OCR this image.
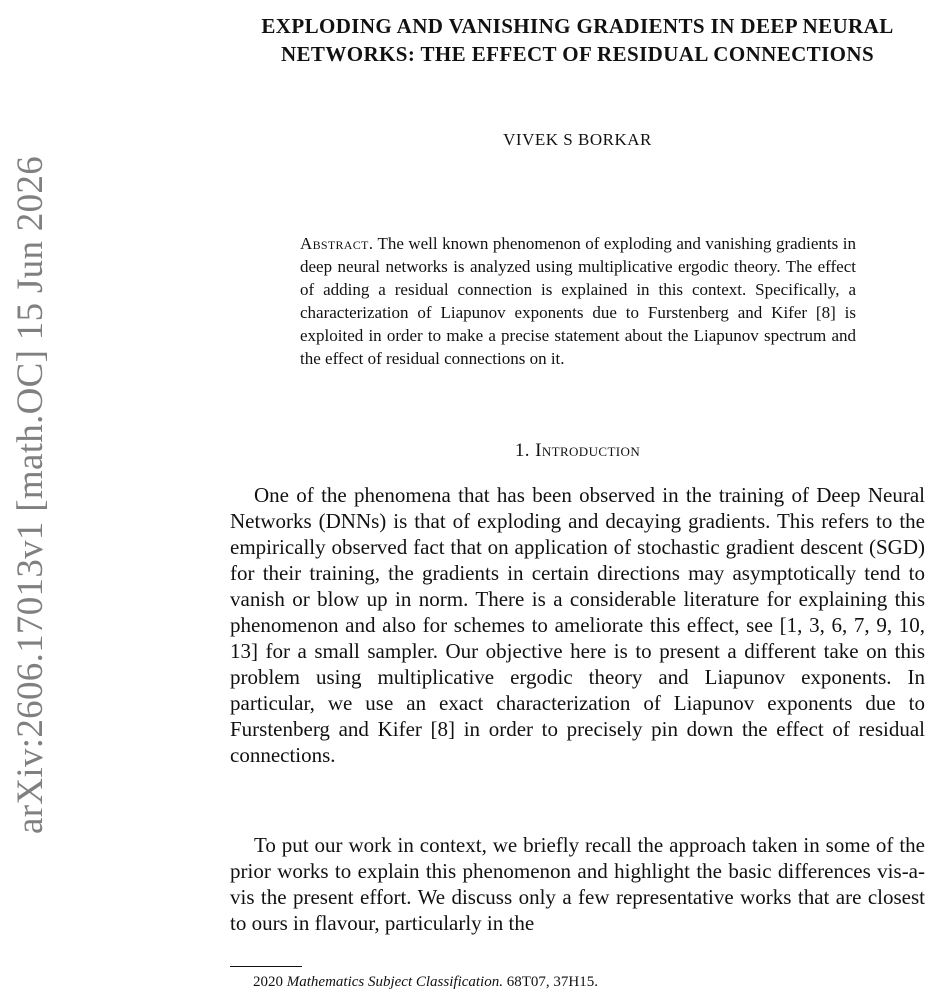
arXiv:2606.17013v1 [math.OC] 15 Jun 2026
EXPLODING AND VANISHING GRADIENTS IN DEEP NEURAL NETWORKS: THE EFFECT OF RESIDUAL CONNECTIONS
VIVEK S BORKAR
Abstract. The well known phenomenon of exploding and vanishing gradients in deep neural networks is analyzed using multiplicative ergodic theory. The effect of adding a residual connection is explained in this context. Specifically, a characterization of Liapunov exponents due to Furstenberg and Kifer [8] is exploited in order to make a precise statement about the Liapunov spectrum and the effect of residual connections on it.
1. Introduction

One of the phenomena that has been observed in the training of Deep Neural Networks (DNNs) is that of exploding and decaying gradients. This refers to the empirically observed fact that on application of stochastic gradient descent (SGD) for their training, the gradients in certain directions may asymptotically tend to vanish or blow up in norm. There is a considerable literature for explaining this phenomenon and also for schemes to ameliorate this effect, see [1, 3, 6, 7, 9, 10, 13] for a small sampler. Our objective here is to present a different take on this problem using multiplicative ergodic theory and Liapunov exponents. In particular, we use an exact characterization of Liapunov exponents due to Furstenberg and Kifer [8] in order to precisely pin down the effect of residual connections.

To put our work in context, we briefly recall the approach taken in some of the prior works to explain this phenomenon and highlight the basic differences vis-a-vis the present effort. We discuss only a few representative works that are closest to ours in flavour, particularly in the

2020 Mathematics Subject Classification. 68T07, 37H15.
